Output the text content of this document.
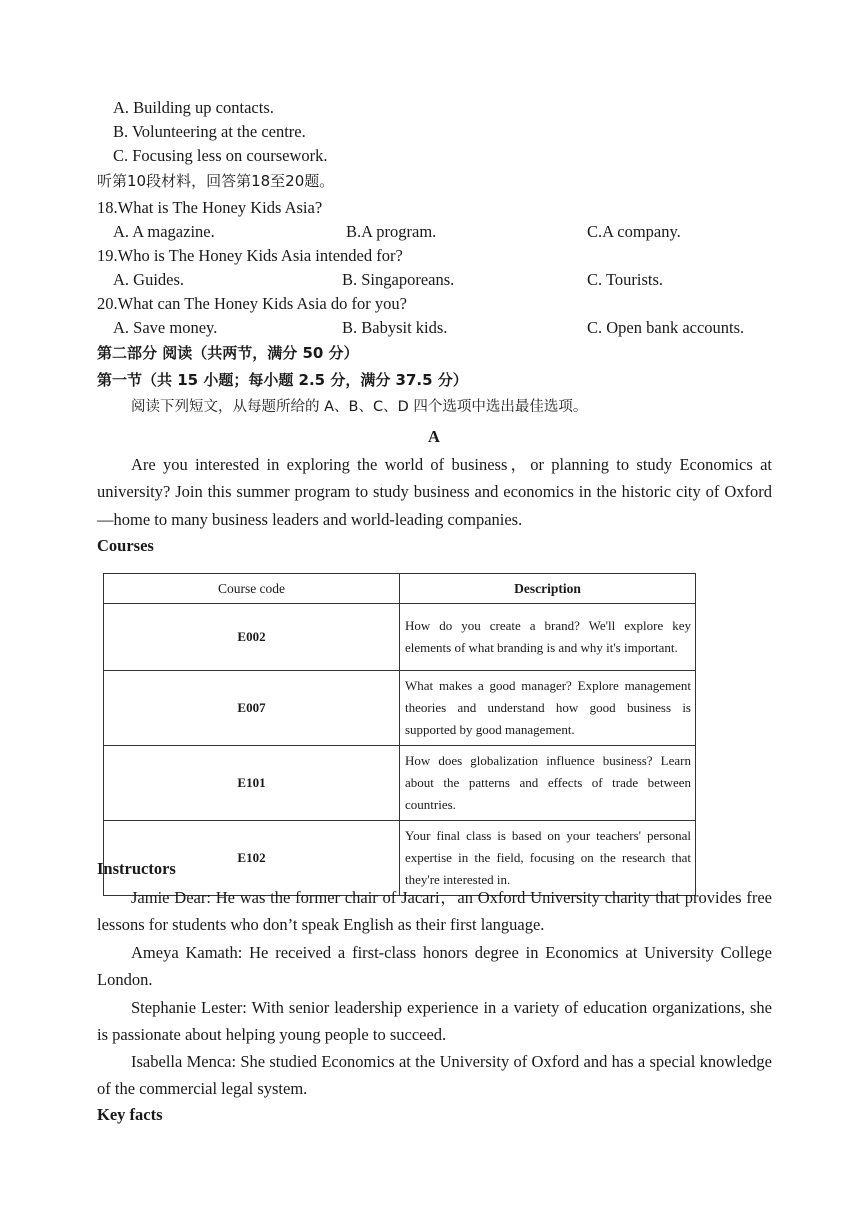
A. Building up contacts.
B. Volunteering at the centre.
C. Focusing less on coursework.
听第10段材料，回答第18至20题。
18.What is The Honey Kids Asia?
A. A magazine.	B.A program.	C.A company.
19.Who is The Honey Kids Asia intended for?
A. Guides.	B. Singaporeans.	C. Tourists.
20.What can The Honey Kids Asia do for you?
A. Save money.	B. Babysit kids.	C. Open bank accounts.
第二部分 阅读（共两节，满分 50 分）
第一节（共 15 小题；每小题 2.5 分，满分 37.5 分）
阅读下列短文，从每题所给的 A、B、C、D 四个选项中选出最佳选项。
A
Are you interested in exploring the world of business，or planning to study Economics at university? Join this summer program to study business and economics in the historic city of Oxford—home to many business leaders and world-leading companies.
Courses
Course code	Description
E002	How do you create a brand? We'll explore key elements of what branding is and why it's important.
E007	What makes a good manager? Explore management theories and understand how good business is supported by good management.
E101	How does globalization influence business? Learn about the patterns and effects of trade between countries.
E102	Your final class is based on your teachers' personal expertise in the field, focusing on the research that they're interested in.
Instructors
Jamie Dear: He was the former chair of Jacari，an Oxford University charity that provides free lessons for students who don’t speak English as their first language.
Ameya Kamath: He received a first-class honors degree in Economics at University College London.
Stephanie Lester: With senior leadership experience in a variety of education organizations, she is passionate about helping young people to succeed.
Isabella Menca: She studied Economics at the University of Oxford and has a special knowledge of the commercial legal system.
Key facts
